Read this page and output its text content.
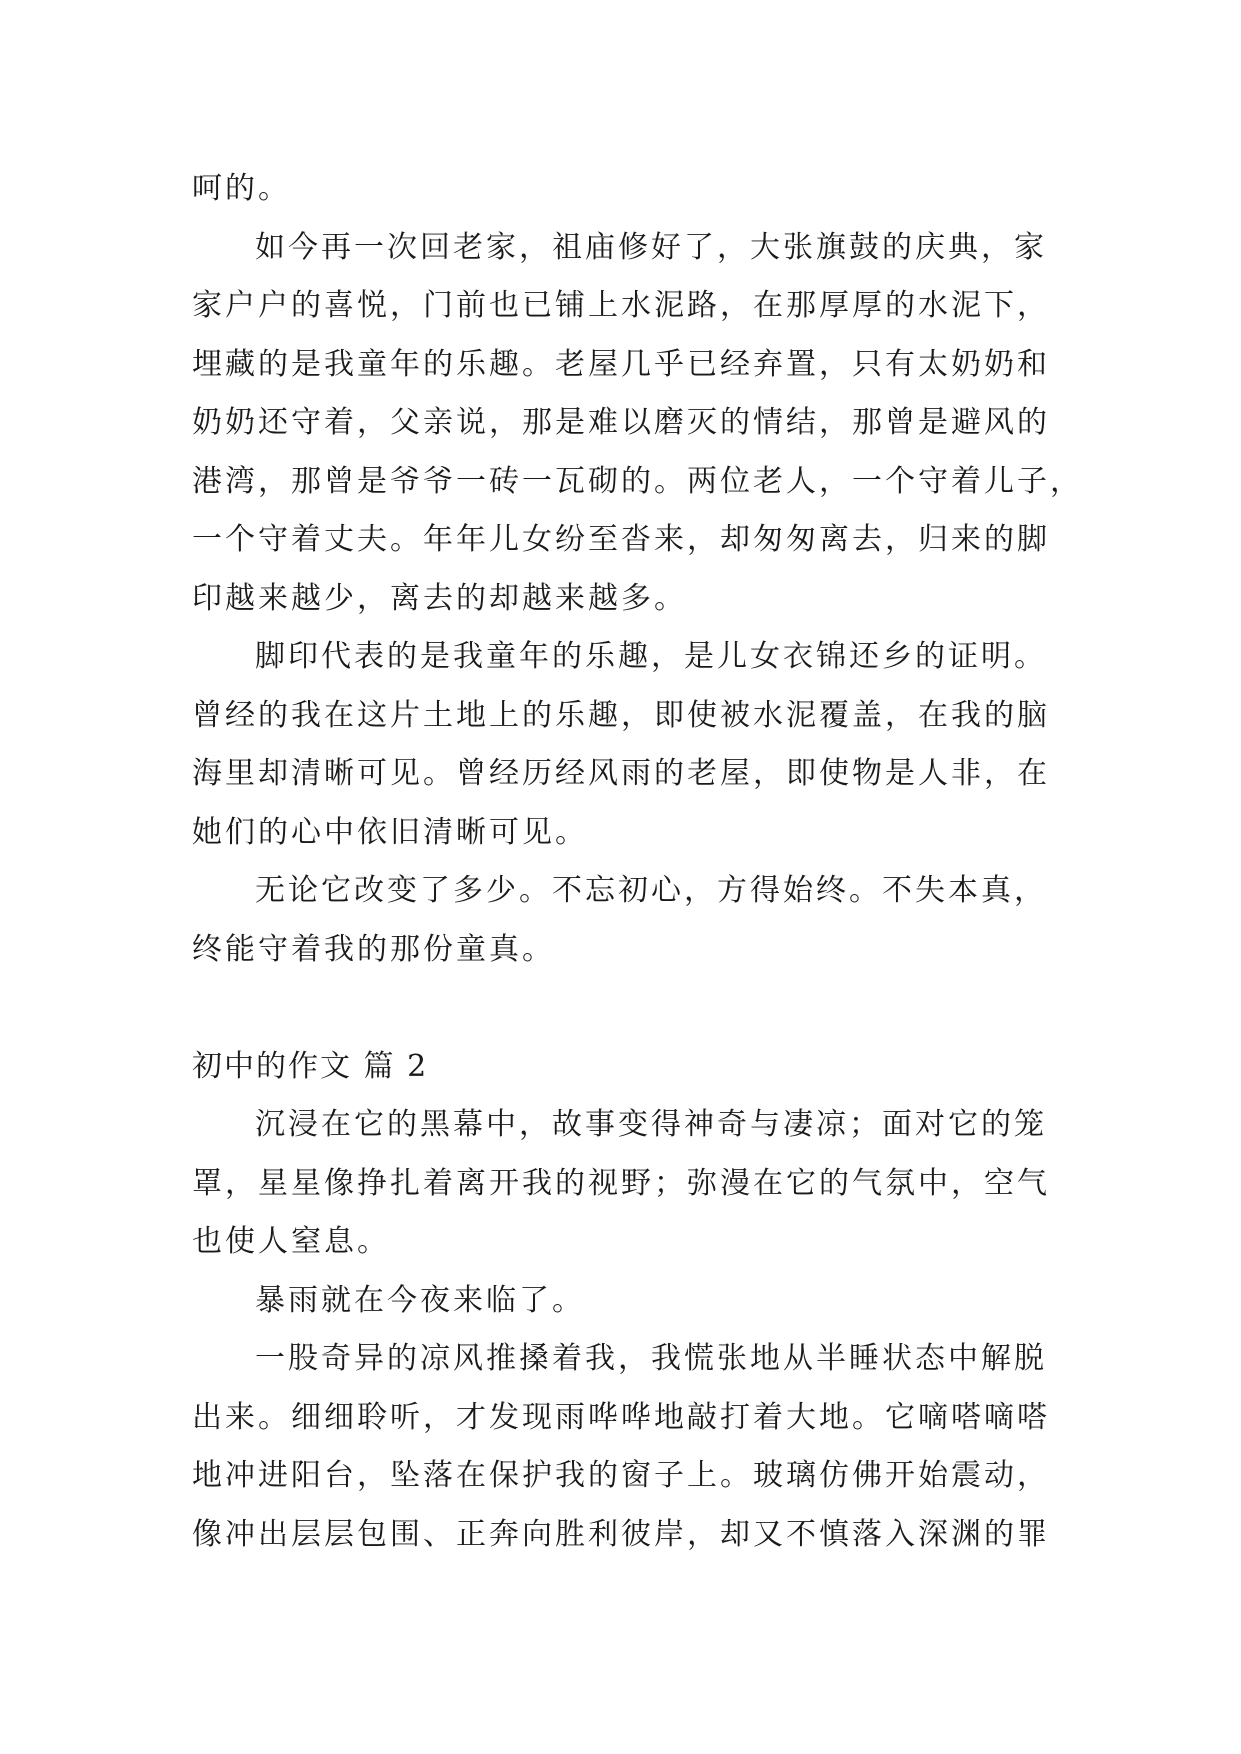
呵的。
如今再一次回老家，祖庙修好了，大张旗鼓的庆典，家
家户户的喜悦，门前也已铺上水泥路，在那厚厚的水泥下，
埋藏的是我童年的乐趣。老屋几乎已经弃置，只有太奶奶和
奶奶还守着，父亲说，那是难以磨灭的情结，那曾是避风的
港湾，那曾是爷爷一砖一瓦砌的。两位老人，一个守着儿子，
一个守着丈夫。年年儿女纷至沓来，却匆匆离去，归来的脚
印越来越少，离去的却越来越多。
脚印代表的是我童年的乐趣，是儿女衣锦还乡的证明。
曾经的我在这片土地上的乐趣，即使被水泥覆盖，在我的脑
海里却清晰可见。曾经历经风雨的老屋，即使物是人非，在
她们的心中依旧清晰可见。
无论它改变了多少。不忘初心，方得始终。不失本真，
终能守着我的那份童真。
初中的作文 篇 2
沉浸在它的黑幕中，故事变得神奇与凄凉；面对它的笼
罩，星星像挣扎着离开我的视野；弥漫在它的气氛中，空气
也使人窒息。
暴雨就在今夜来临了。
一股奇异的凉风推搡着我，我慌张地从半睡状态中解脱
出来。细细聆听，才发现雨哗哗地敲打着大地。它嘀嗒嘀嗒
地冲进阳台，坠落在保护我的窗子上。玻璃仿佛开始震动，
像冲出层层包围、正奔向胜利彼岸，却又不慎落入深渊的罪
